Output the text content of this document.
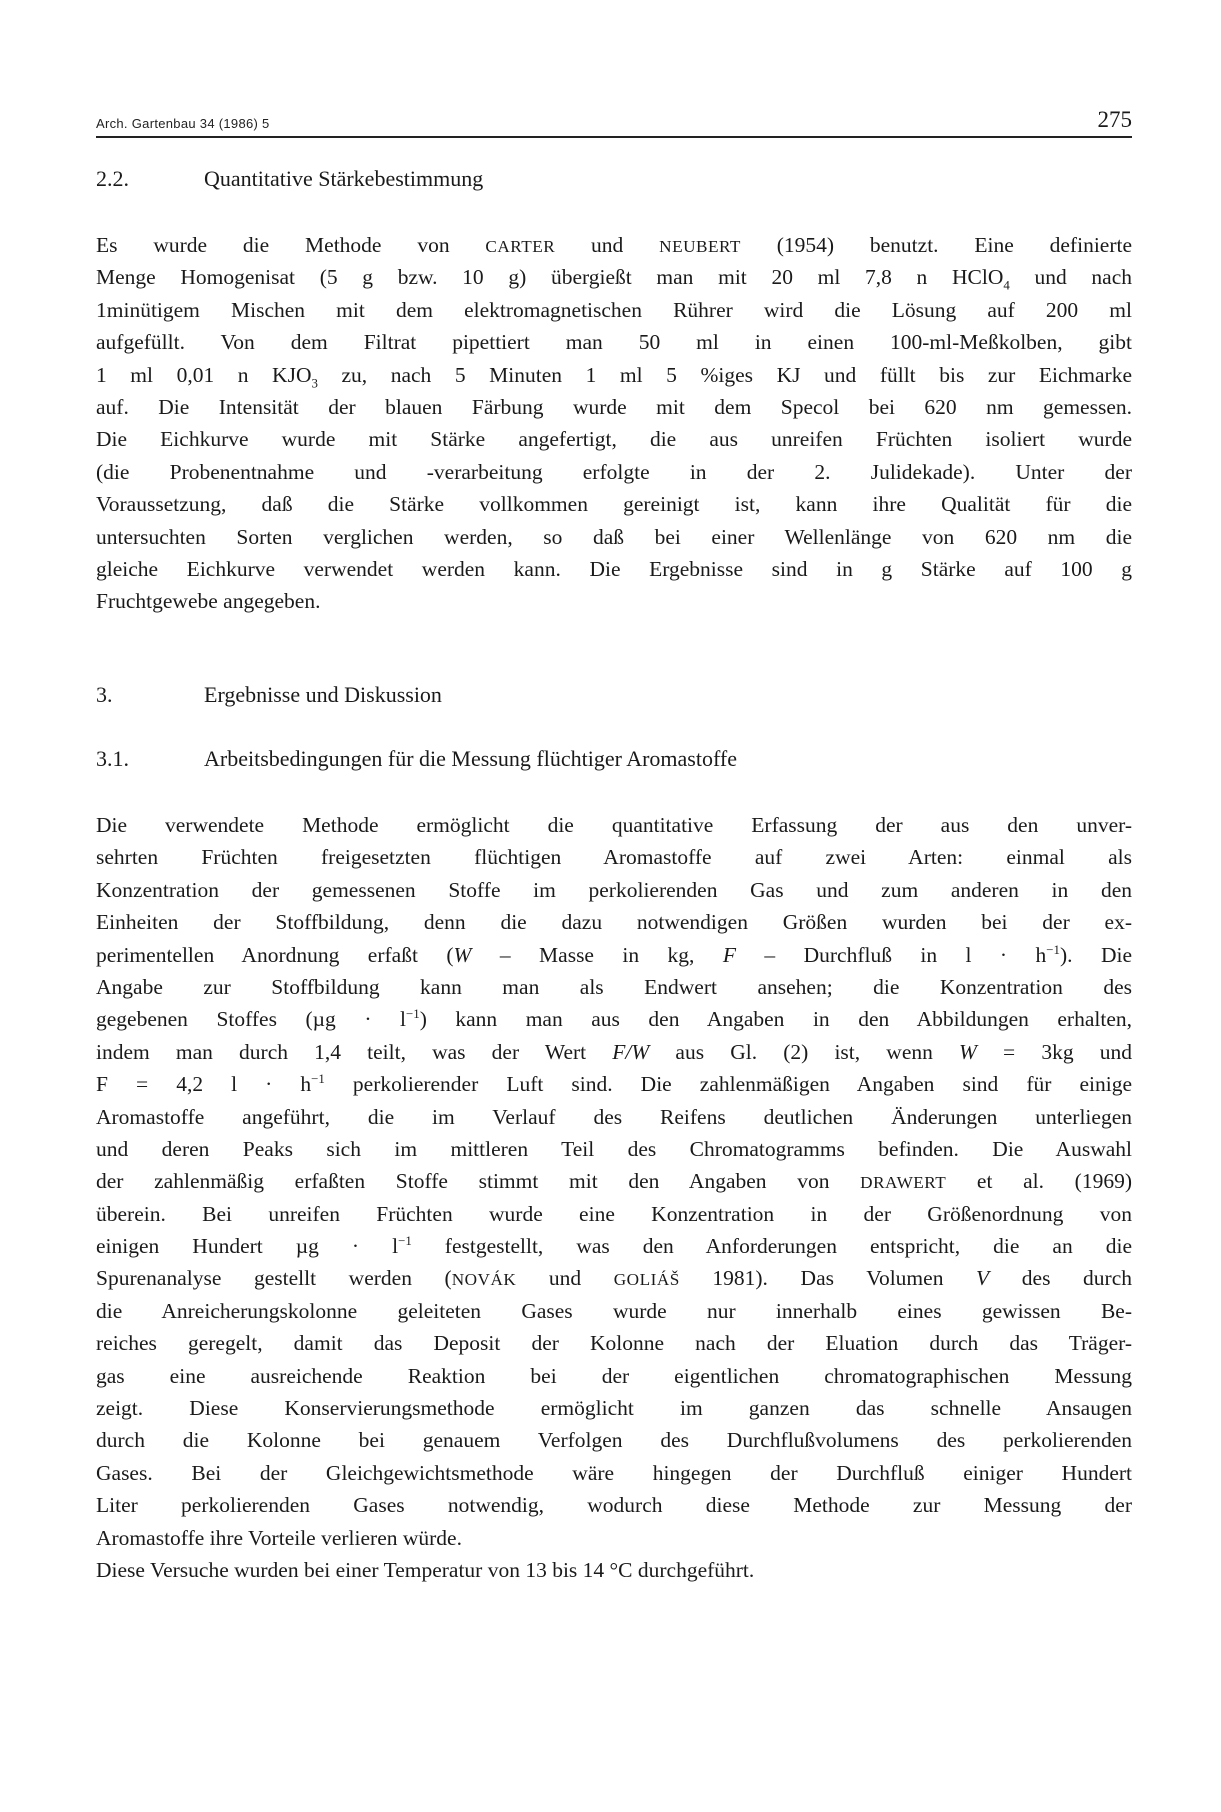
Arch. Gartenbau 34 (1986) 5	275
2.2.	Quantitative Stärkebestimmung
Es wurde die Methode von CARTER und NEUBERT (1954) benutzt. Eine definierte
Menge Homogenisat (5 g bzw. 10 g) übergießt man mit 20 ml 7,8 n HClO$_4$ und nach
1minütigem Mischen mit dem elektromagnetischen Rührer wird die Lösung auf 200 ml
aufgefüllt. Von dem Filtrat pipettiert man 50 ml in einen 100-ml-Meßkolben, gibt
1 ml 0,01 n $KJO_3$ zu, nach 5 Minuten 1 ml 5 %iges KJ und füllt bis zur Eichmarke
auf. Die Intensität der blauen Färbung wurde mit dem Specol bei 620 nm gemessen.
Die Eichkurve wurde mit Stärke angefertigt, die aus unreifen Früchten isoliert wurde
(die Probenentnahme und -verarbeitung erfolgte in der 2. Julidekade). Unter der
Voraussetzung, daß die Stärke vollkommen gereinigt ist, kann ihre Qualität für die
untersuchten Sorten verglichen werden, so daß bei einer Wellenlänge von 620 nm die
gleiche Eichkurve verwendet werden kann. Die Ergebnisse sind in g Stärke auf 100 g
Fruchtgewebe angegeben.
3.	Ergebnisse und Diskussion
3.1.	Arbeitsbedingungen für die Messung flüchtiger Aromastoffe
Die verwendete Methode ermöglicht die quantitative Erfassung der aus den unver-
sehrten Früchten freigesetzten flüchtigen Aromastoffe auf zwei Arten: einmal als
Konzentration der gemessenen Stoffe im perkolierenden Gas und zum anderen in den
Einheiten der Stoffbildung, denn die dazu notwendigen Größen wurden bei der ex-
perimentellen Anordnung erfaßt (W – Masse in kg, F – Durchfluß in $l \cdot h^{-1}$). Die
Angabe zur Stoffbildung kann man als Endwert ansehen; die Konzentration des
gegebenen Stoffes $(\mu g \cdot l^{-1})$ kann man aus den Angaben in den Abbildungen erhalten,
indem man durch 1,4 teilt, was der Wert F/W aus Gl. (2) ist, wenn W = 3kg und
F = 4,2 $l \cdot h^{-1}$ perkolierender Luft sind. Die zahlenmäßigen Angaben sind für einige
Aromastoffe angeführt, die im Verlauf des Reifens deutlichen Änderungen unterliegen
und deren Peaks sich im mittleren Teil des Chromatogramms befinden. Die Auswahl
der zahlenmäßig erfaßten Stoffe stimmt mit den Angaben von DRAWERT et al. (1969)
überein. Bei unreifen Früchten wurde eine Konzentration in der Größenordnung von
einigen Hundert $\mu g \cdot l^{-1}$ festgestellt, was den Anforderungen entspricht, die an die
Spurenanalyse gestellt werden (NOVÁK und GOLIÁŠ 1981). Das Volumen V des durch
die Anreicherungskolonne geleiteten Gases wurde nur innerhalb eines gewissen Be-
reiches geregelt, damit das Deposit der Kolonne nach der Eluation durch das Träger-
gas eine ausreichende Reaktion bei der eigentlichen chromatographischen Messung
zeigt. Diese Konservierungsmethode ermöglicht im ganzen das schnelle Ansaugen
durch die Kolonne bei genauem Verfolgen des Durchflußvolumens des perkolierenden
Gases. Bei der Gleichgewichtsmethode wäre hingegen der Durchfluß einiger Hundert
Liter perkolierenden Gases notwendig, wodurch diese Methode zur Messung der
Aromastoffe ihre Vorteile verlieren würde.
Diese Versuche wurden bei einer Temperatur von 13 bis 14 °C durchgeführt.
